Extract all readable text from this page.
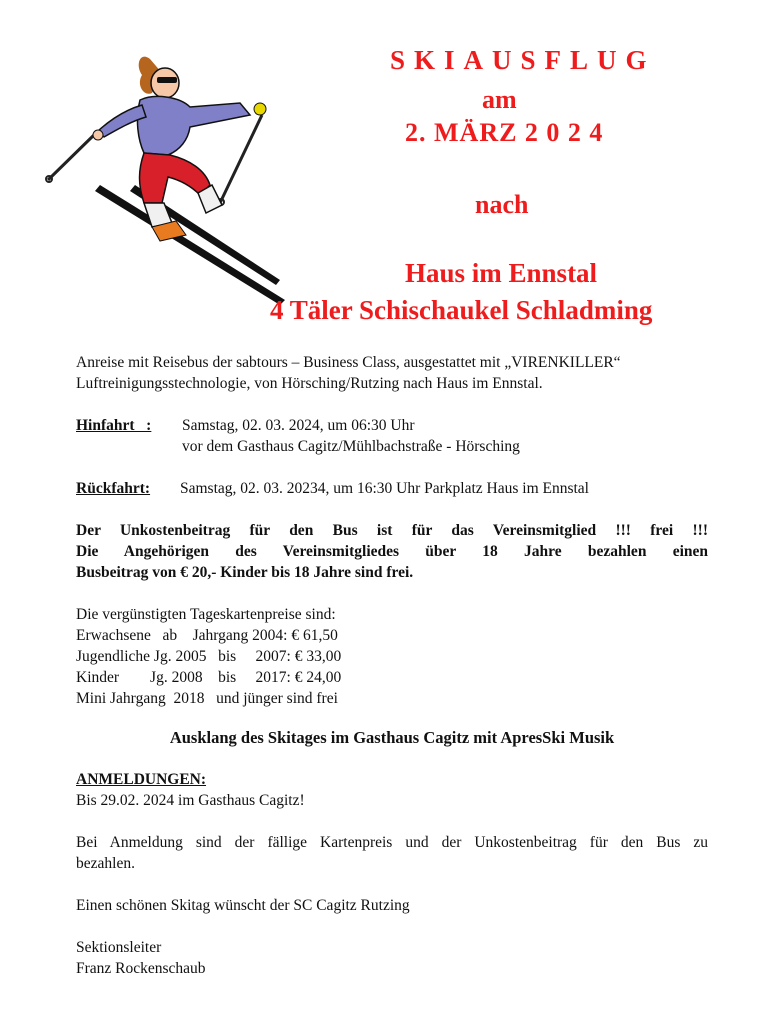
SKIAUSFLUG
am
2. MÄRZ 2 0 2 4
nach
Haus im Ennstal
4 Täler Schischaukel Schladming

Anreise mit Reisebus der sabtours – Business Class, ausgestattet mit „VIRENKILLER“

Luftreinigungsstechnologie, von Hörsching/Rutzing nach Haus im Ennstal.

Hinfahrt   :	Samstag, 02. 03. 2024, um 06:30 Uhr

vor dem Gasthaus Cagitz/Mühlbachstraße - Hörsching

Rückfahrt:	Samstag, 02. 03. 20234, um 16:30 Uhr Parkplatz Haus im Ennstal

Der Unkostenbeitrag für den Bus ist für das Vereinsmitglied !!! frei !!!

Die Angehörigen des Vereinsmitgliedes über 18 Jahre bezahlen einen

Busbeitrag von € 20,- Kinder bis 18 Jahre sind frei.

Die vergünstigten Tageskartenpreise sind:

Erwachsene   ab    Jahrgang 2004: € 61,50

Jugendliche Jg. 2005   bis     2007: € 33,00

Kinder        Jg. 2008    bis     2017: € 24,00

Mini Jahrgang  2018   und jünger sind frei

Ausklang des Skitages im Gasthaus Cagitz mit ApresSki Musik

ANMELDUNGEN:

Bis 29.02. 2024 im Gasthaus Cagitz!

Bei Anmeldung sind der fällige Kartenpreis und der Unkostenbeitrag für den Bus zu

bezahlen.

Einen schönen Skitag wünscht der SC Cagitz Rutzing

Sektionsleiter

Franz Rockenschaub
